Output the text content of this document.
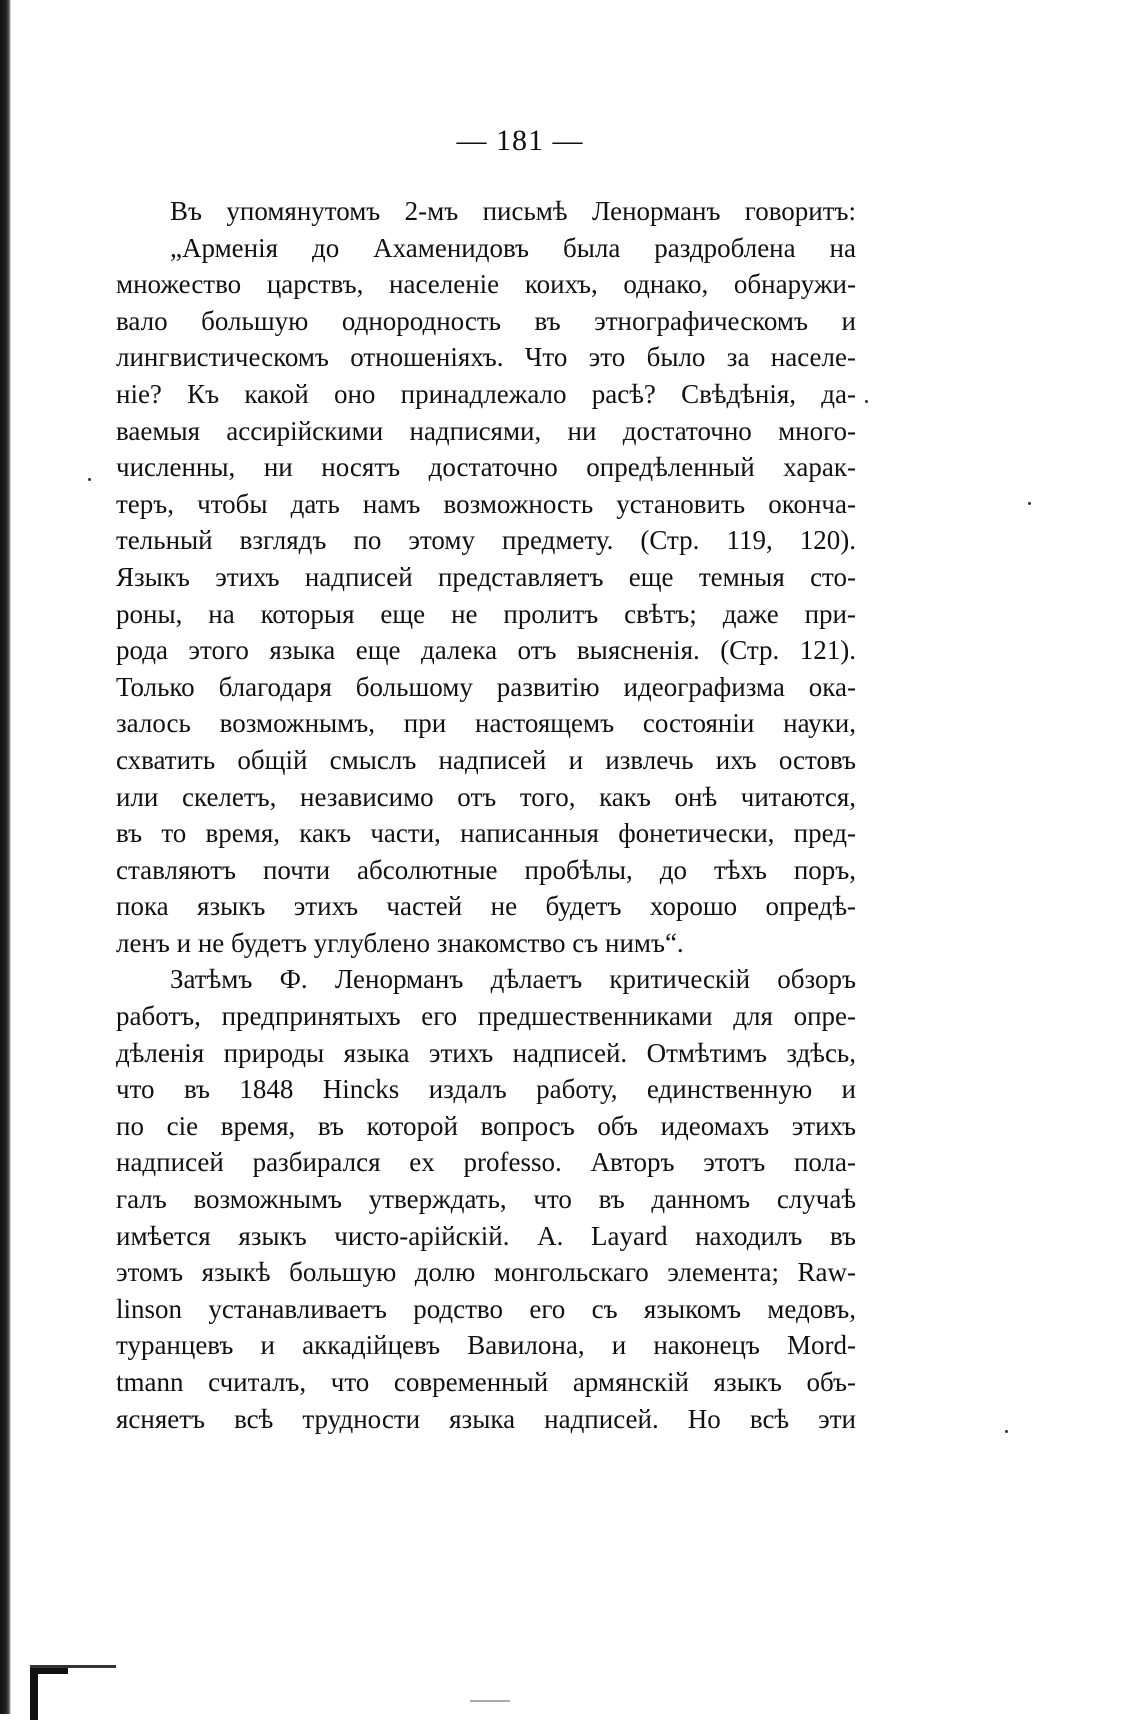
— 181 —
Въ упомянутомъ 2-мъ письмѣ Ленорманъ говоритъ:
„Арменія до Ахаменидовъ была раздроблена на
множество царствъ, населеніе коихъ, однако, обнаружи-
вало большую однородность въ этнографическомъ и
лингвистическомъ отношеніяхъ. Что это было за населе-
ніе? Къ какой оно принадлежало расѣ? Свѣдѣнія, да-
ваемыя ассирійскими надписями, ни достаточно много-
численны, ни носятъ достаточно опредѣленный харак-
теръ, чтобы дать намъ возможность установить оконча-
тельный взглядъ по этому предмету. (Стр. 119, 120).
Языкъ этихъ надписей представляетъ еще темныя сто-
роны, на которыя еще не пролитъ свѣтъ; даже при-
рода этого языка еще далека отъ выясненія. (Стр. 121).
Только благодаря большому развитію идеографизма ока-
залось возможнымъ, при настоящемъ состояніи науки,
схватить общій смыслъ надписей и извлечь ихъ остовъ
или скелетъ, независимо отъ того, какъ онѣ читаются,
въ то время, какъ части, написанныя фонетически, пред-
ставляютъ почти абсолютные пробѣлы, до тѣхъ поръ,
пока языкъ этихъ частей не будетъ хорошо опредѣ-
ленъ и не будетъ углублено знакомство съ нимъ“.
Затѣмъ Ф. Ленорманъ дѣлаетъ критическій обзоръ
работъ, предпринятыхъ его предшественниками для опре-
дѣленія природы языка этихъ надписей. Отмѣтимъ здѣсь,
что въ 1848 Hincks издалъ работу, единственную и
по сіе время, въ которой вопросъ объ идеомахъ этихъ
надписей разбирался ex professo. Авторъ этотъ пола-
галъ возможнымъ утверждать, что въ данномъ случаѣ
имѣется языкъ чисто-арійскій. A. Layard находилъ въ
этомъ языкѣ большую долю монгольскаго элемента; Raw-
linson устанавливаетъ родство его съ языкомъ медовъ,
туранцевъ и аккадійцевъ Вавилона, и наконецъ Mord-
tmann считалъ, что современный армянскій языкъ объ-
ясняетъ всѣ трудности языка надписей. Но всѣ эти
